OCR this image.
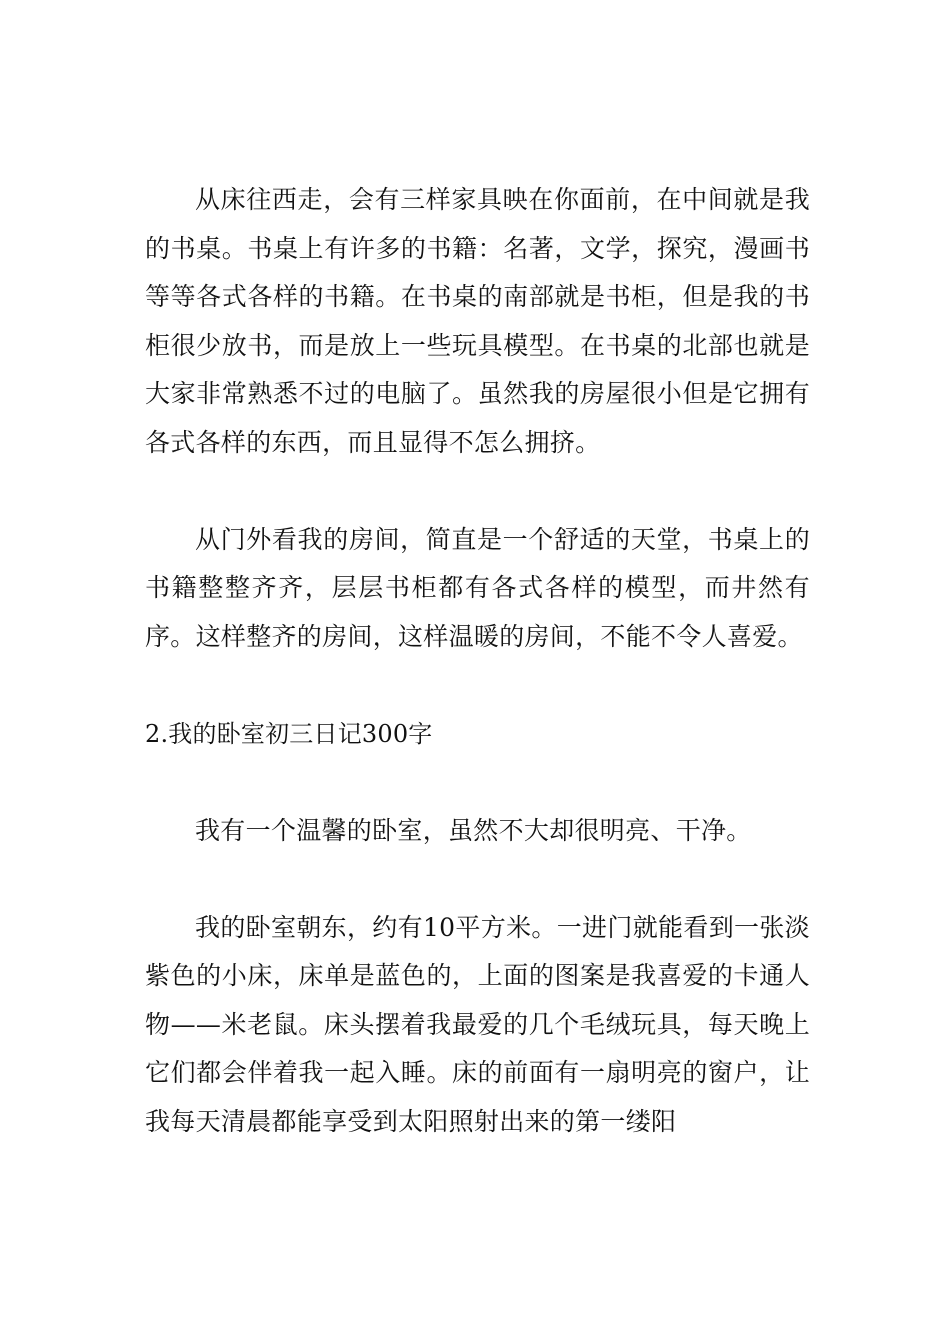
从床往西走，会有三样家具映在你面前，在中间就是我的书桌。书桌上有许多的书籍：名著，文学，探究，漫画书等等各式各样的书籍。在书桌的南部就是书柜，但是我的书柜很少放书，而是放上一些玩具模型。在书桌的北部也就是大家非常熟悉不过的电脑了。虽然我的房屋很小但是它拥有各式各样的东西，而且显得不怎么拥挤。

从门外看我的房间，简直是一个舒适的天堂，书桌上的书籍整整齐齐，层层书柜都有各式各样的模型，而井然有序。这样整齐的房间，这样温暖的房间，不能不令人喜爱。

2.我的卧室初三日记300字

我有一个温馨的卧室，虽然不大却很明亮、干净。

我的卧室朝东，约有10平方米。一进门就能看到一张淡紫色的小床，床单是蓝色的，上面的图案是我喜爱的卡通人物——米老鼠。床头摆着我最爱的几个毛绒玩具，每天晚上它们都会伴着我一起入睡。床的前面有一扇明亮的窗户，让我每天清晨都能享受到太阳照射出来的第一缕阳
